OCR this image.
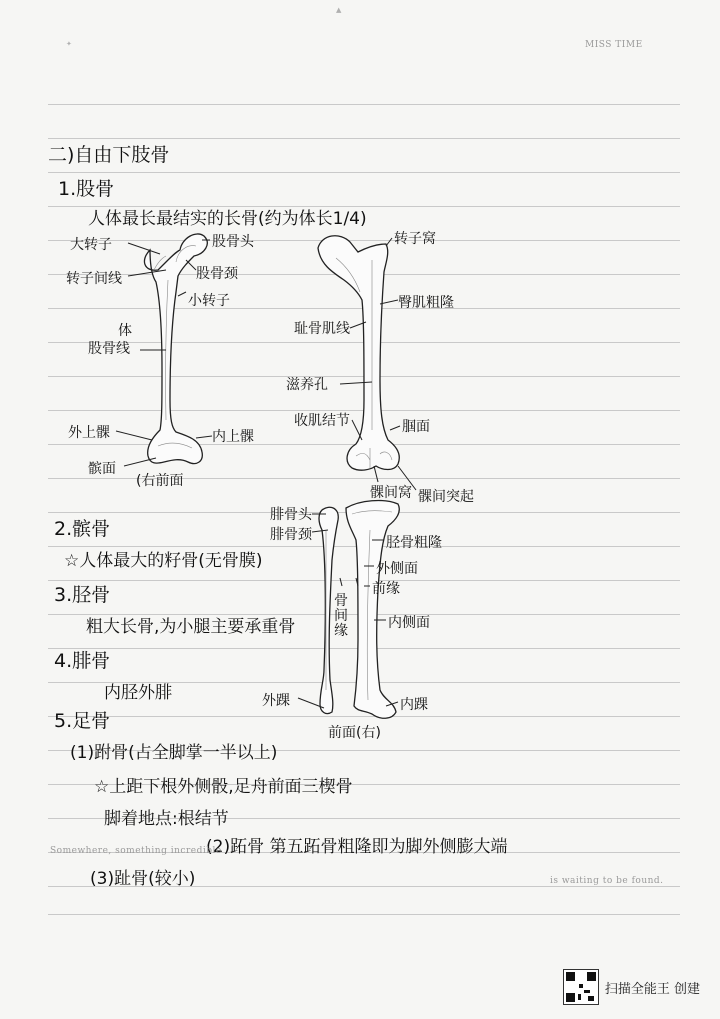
MISS TIME
▲
✦
二)自由下肢骨
1.股骨
人体最长最结实的长骨(约为体长1/4)
大转子	股骨头
股骨颈
转子间线
小转子
体
股骨线
外上髁	内上髁
髌面
(右前面
转子窝
臀肌粗隆
耻骨肌线
滋养孔
收肌结节	腘面
髁间窝 髁间突起
2.髌骨
☆人体最大的籽骨(无骨膜)
腓骨头
腓骨颈	胫骨粗隆
外侧面
前缘
骨间缘	内侧面
外踝	内踝
前面(右)
3.胫骨
粗大长骨,为小腿主要承重骨
4.腓骨
内胫外腓
5.足骨
(1)跗骨(占全脚掌一半以上)
☆上距下根外侧骰,足舟前面三楔骨
脚着地点:根结节
(2)跖骨 第五跖骨粗隆即为脚外侧膨大端
(3)趾骨(较小)
Somewhere, something incredible
is waiting to be found.
扫描全能王 创建
